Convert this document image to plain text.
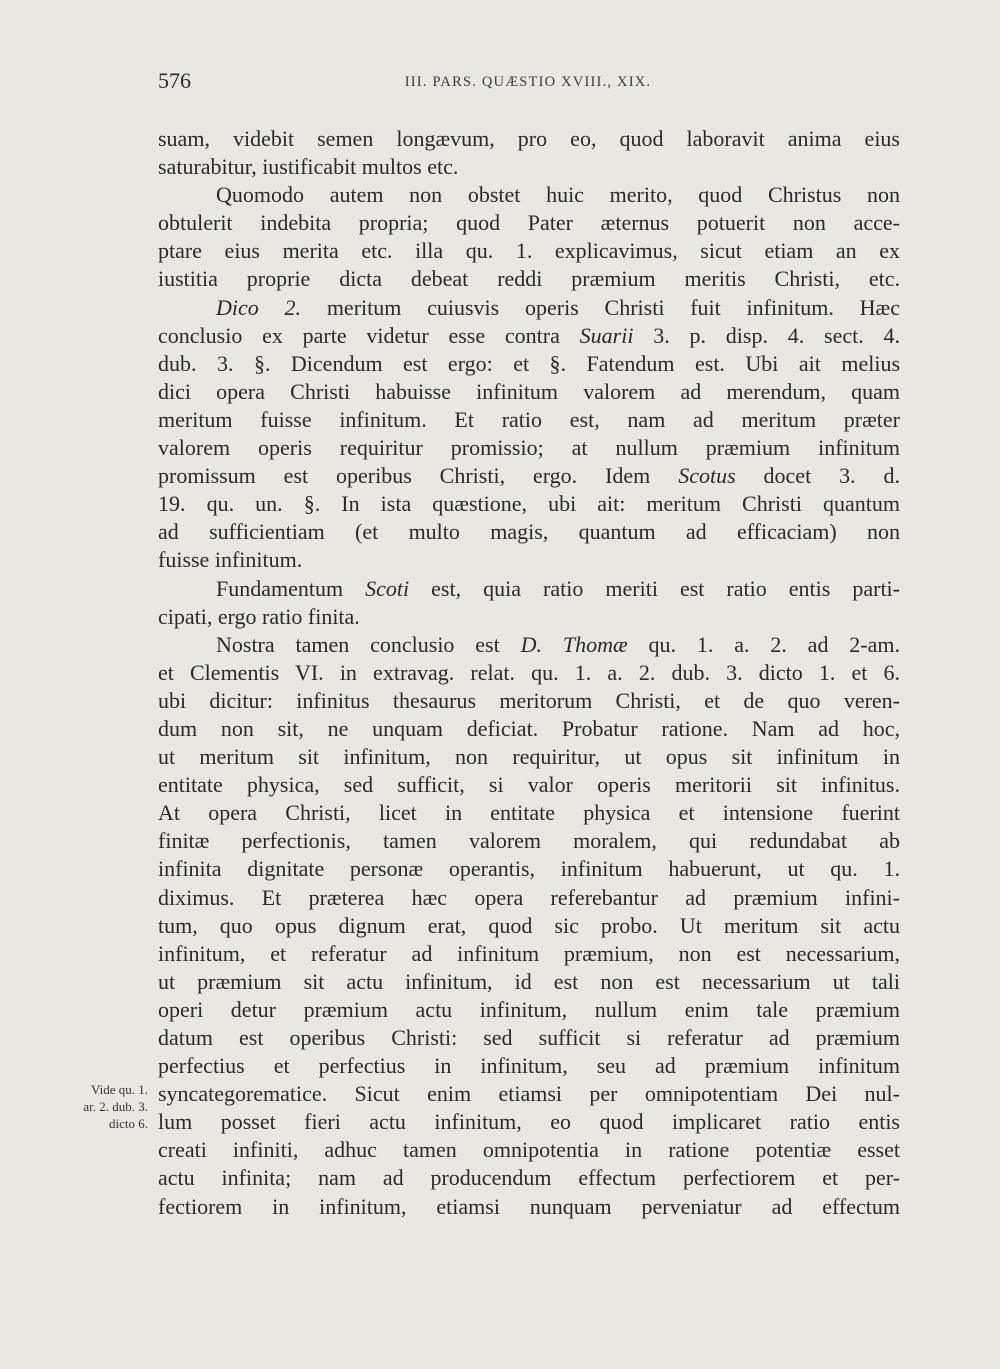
576	III. PARS. QUÆSTIO XVIII., XIX.
Vide qu. 1.
ar. 2. dub. 3.
dicto 6.
suam, videbit semen longævum, pro eo, quod laboravit anima eius
saturabitur, iustificabit multos etc.
Quomodo autem non obstet huic merito, quod Christus non
obtulerit indebita propria; quod Pater æternus potuerit non acce-
ptare eius merita etc. illa qu. 1. explicavimus, sicut etiam an ex
iustitia proprie dicta debeat reddi præmium meritis Christi, etc.
Dico 2. meritum cuiusvis operis Christi fuit infinitum. Hæc
conclusio ex parte videtur esse contra Suarii 3. p. disp. 4. sect. 4.
dub. 3. §. Dicendum est ergo: et §. Fatendum est. Ubi ait melius
dici opera Christi habuisse infinitum valorem ad merendum, quam
meritum fuisse infinitum. Et ratio est, nam ad meritum præter
valorem operis requiritur promissio; at nullum præmium infinitum
promissum est operibus Christi, ergo. Idem Scotus docet 3. d.
19. qu. un. §. In ista quæstione, ubi ait: meritum Christi quantum
ad sufficientiam (et multo magis, quantum ad efficaciam) non
fuisse infinitum.
Fundamentum Scoti est, quia ratio meriti est ratio entis parti-
cipati, ergo ratio finita.
Nostra tamen conclusio est D. Thomæ qu. 1. a. 2. ad 2-am.
et Clementis VI. in extravag. relat. qu. 1. a. 2. dub. 3. dicto 1. et 6.
ubi dicitur: infinitus thesaurus meritorum Christi, et de quo veren-
dum non sit, ne unquam deficiat. Probatur ratione. Nam ad hoc,
ut meritum sit infinitum, non requiritur, ut opus sit infinitum in
entitate physica, sed sufficit, si valor operis meritorii sit infinitus.
At opera Christi, licet in entitate physica et intensione fuerint
finitæ perfectionis, tamen valorem moralem, qui redundabat ab
infinita dignitate personæ operantis, infinitum habuerunt, ut qu. 1.
diximus. Et præterea hæc opera referebantur ad præmium infini-
tum, quo opus dignum erat, quod sic probo. Ut meritum sit actu
infinitum, et referatur ad infinitum præmium, non est necessarium,
ut præmium sit actu infinitum, id est non est necessarium ut tali
operi detur præmium actu infinitum, nullum enim tale præmium
datum est operibus Christi: sed sufficit si referatur ad præmium
perfectius et perfectius in infinitum, seu ad præmium infinitum
syncategorematice. Sicut enim etiamsi per omnipotentiam Dei nul-
lum posset fieri actu infinitum, eo quod implicaret ratio entis
creati infiniti, adhuc tamen omnipotentia in ratione potentiæ esset
actu infinita; nam ad producendum effectum perfectiorem et per-
fectiorem in infinitum, etiamsi nunquam perveniatur ad effectum
